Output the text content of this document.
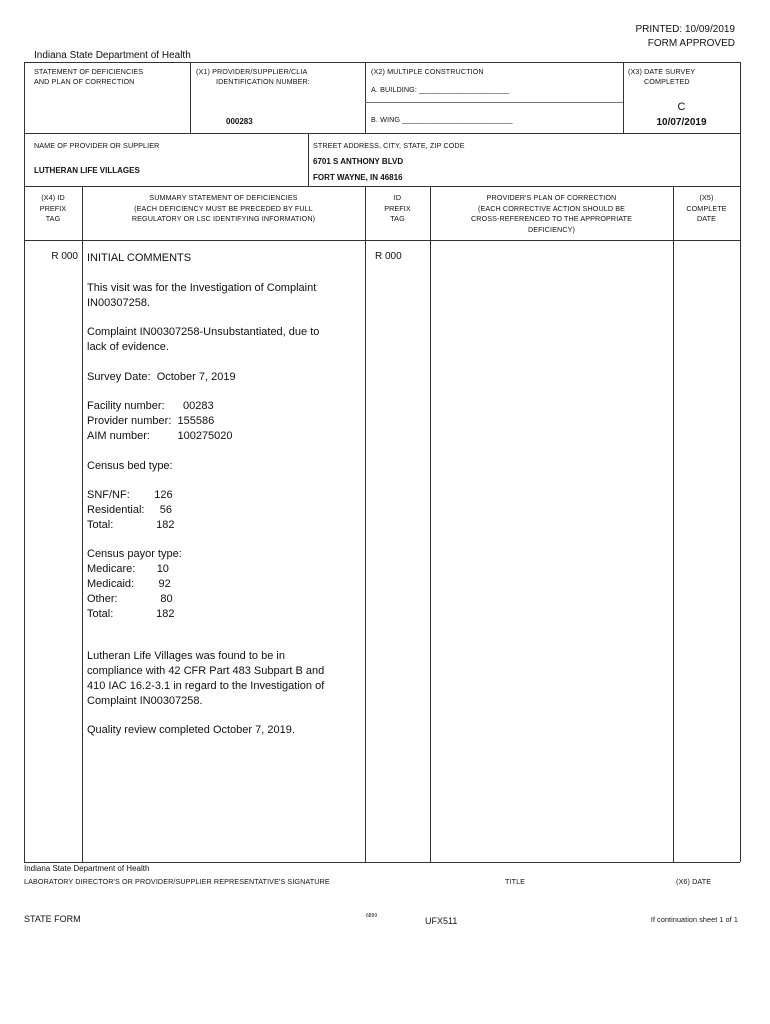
PRINTED: 10/09/2019
FORM APPROVED
Indiana State Department of Health
STATEMENT OF DEFICIENCIES
AND PLAN OF CORRECTION
(X1) PROVIDER/SUPPLIER/CLIA
IDENTIFICATION NUMBER:
000283
(X2) MULTIPLE CONSTRUCTION
A. BUILDING: ______________________
B. WING ___________________________
(X3) DATE SURVEY
COMPLETED
C
10/07/2019
NAME OF PROVIDER OR SUPPLIER
LUTHERAN LIFE VILLAGES
STREET ADDRESS, CITY, STATE, ZIP CODE
6701 S ANTHONY BLVD
FORT WAYNE, IN 46816
(X4) ID
PREFIX
TAG
SUMMARY STATEMENT OF DEFICIENCIES
(EACH DEFICIENCY MUST BE PRECEDED BY FULL
REGULATORY OR LSC IDENTIFYING INFORMATION)
ID
PREFIX
TAG
PROVIDER'S PLAN OF CORRECTION
(EACH CORRECTIVE ACTION SHOULD BE
CROSS-REFERENCED TO THE APPROPRIATE
DEFICIENCY)
(X5)
COMPLETE
DATE
R 000 INITIAL COMMENTS	R 000
This visit was for the Investigation of Complaint
IN00307258.
Complaint IN00307258-Unsubstantiated, due to
lack of evidence.
Survey Date:  October 7, 2019
Facility number:      00283
Provider number:  155586
AIM number:         100275020
Census bed type:
SNF/NF:        126
Residential:     56
Total:              182
Census payor type:
Medicare:       10
Medicaid:        92
Other:              80
Total:              182
Lutheran Life Villages was found to be in
compliance with 42 CFR Part 483 Subpart B and
410 IAC 16.2-3.1 in regard to the Investigation of
Complaint IN00307258.
Quality review completed October 7, 2019.
Indiana State Department of Health
LABORATORY DIRECTOR'S OR PROVIDER/SUPPLIER REPRESENTATIVE'S SIGNATURE	TITLE	(X6) DATE
STATE FORM	6899	UFX511	If continuation sheet 1 of 1
